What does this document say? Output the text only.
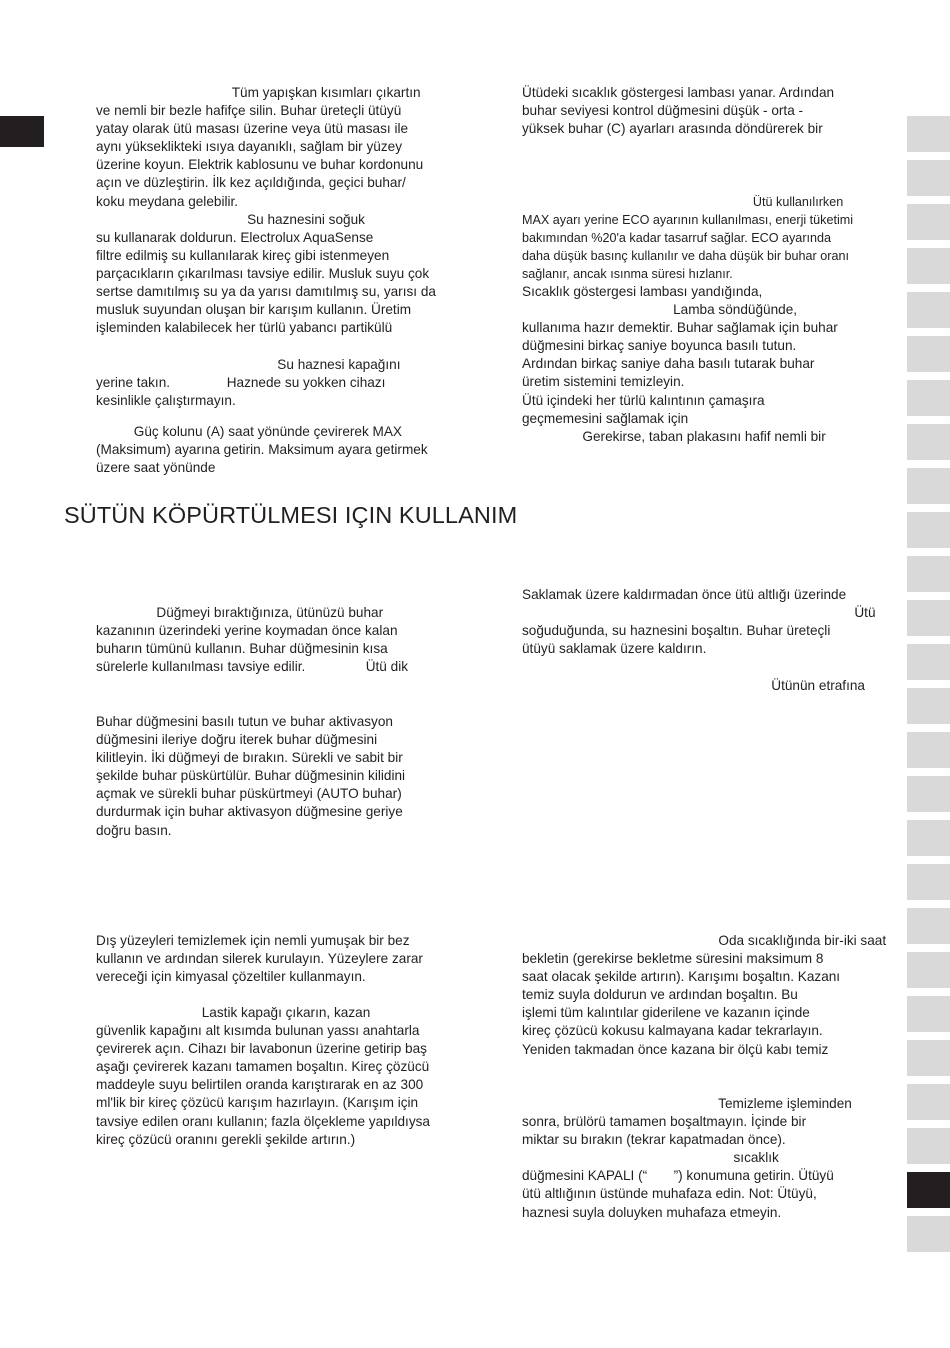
Tüm yapışkan kısımları çıkartın
ve nemli bir bezle hafifçe silin. Buhar üreteçli ütüyü
yatay olarak ütü masası üzerine veya ütü masası ile
aynı yükseklikteki ısıya dayanıklı, sağlam bir yüzey
üzerine koyun. Elektrik kablosunu ve buhar kordonunu
açın ve düzleştirin. İlk kez açıldığında, geçici buhar/
koku meydana gelebilir.
Su haznesini soğuk
su kullanarak doldurun. Electrolux AquaSense
filtre edilmiş su kullanılarak kireç gibi istenmeyen
parçacıkların çıkarılması tavsiye edilir. Musluk suyu çok
sertse damıtılmış su ya da yarısı damıtılmış su, yarısı da
musluk suyundan oluşan bir karışım kullanın. Üretim
işleminden kalabilecek her türlü yabancı partikülü

Su haznesi kapağını
yerine takın.               Haznede su yokken cihazı
kesinlikle çalıştırmayın.

Güç kolunu (A) saat yönünde çevirerek MAX
(Maksimum) ayarına getirin. Maksimum ayara getirmek
üzere saat yönünde

Ütüdeki sıcaklık göstergesi lambası yanar. Ardından
buhar seviyesi kontrol düğmesini düşük - orta -
yüksek buhar (C) ayarları arasında döndürerek bir

Ütü kullanılırken
MAX ayarı yerine ECO ayarının kullanılması, enerji tüketimi
bakımından %20'a kadar tasarruf sağlar. ECO ayarında
daha düşük basınç kullanılır ve daha düşük bir buhar oranı
sağlanır, ancak ısınma süresi hızlanır.

Sıcaklık göstergesi lambası yandığında,
Lamba söndüğünde,
kullanıma hazır demektir. Buhar sağlamak için buhar
düğmesini birkaç saniye boyunca basılı tutun.
Ardından birkaç saniye daha basılı tutarak buhar
üretim sistemini temizleyin.
Ütü içindeki her türlü kalıntının çamaşıra
geçmemesini sağlamak için
Gerekirse, taban plakasını hafif nemli bir

SÜTÜN KÖPÜRTÜLMESI IÇIN KULLANIM

Düğmeyi bıraktığınıza, ütünüzü buhar
kazanının üzerindeki yerine koymadan önce kalan
buharın tümünü kullanın. Buhar düğmesinin kısa
sürelerle kullanılması tavsiye edilir.                Ütü dik

Buhar düğmesini basılı tutun ve buhar aktivasyon
düğmesini ileriye doğru iterek buhar düğmesini
kilitleyin. İki düğmeyi de bırakın. Sürekli ve sabit bir
şekilde buhar püskürtülür. Buhar düğmesinin kilidini
açmak ve sürekli buhar püskürtmeyi (AUTO buhar)
durdurmak için buhar aktivasyon düğmesine geriye
doğru basın.

Saklamak üzere kaldırmadan önce ütü altlığı üzerinde
Ütü
soğuduğunda, su haznesini boşaltın. Buhar üreteçli
ütüyü saklamak üzere kaldırın.

Ütünün etrafına

Dış yüzeyleri temizlemek için nemli yumuşak bir bez
kullanın ve ardından silerek kurulayın. Yüzeylere zarar
vereceği için kimyasal çözeltiler kullanmayın.

Lastik kapağı çıkarın, kazan
güvenlik kapağını alt kısımda bulunan yassı anahtarla
çevirerek açın. Cihazı bir lavabonun üzerine getirip baş
aşağı çevirerek kazanı tamamen boşaltın. Kireç çözücü
maddeyle suyu belirtilen oranda karıştırarak en az 300
ml'lik bir kireç çözücü karışım hazırlayın. (Karışım için
tavsiye edilen oranı kullanın; fazla ölçekleme yapıldıysa
kireç çözücü oranını gerekli şekilde artırın.)

Oda sıcaklığında bir-iki saat
bekletin (gerekirse bekletme süresini maksimum 8
saat olacak şekilde artırın). Karışımı boşaltın. Kazanı
temiz suyla doldurun ve ardından boşaltın. Bu
işlemi tüm kalıntılar giderilene ve kazanın içinde
kireç çözücü kokusu kalmayana kadar tekrarlayın.
Yeniden takmadan önce kazana bir ölçü kabı temiz

Temizleme işleminden
sonra, brülörü tamamen boşaltmayın. İçinde bir
miktar su bırakın (tekrar kapatmadan önce).
sıcaklık
düğmesini KAPALI (“       ”) konumuna getirin. Ütüyü
ütü altlığının üstünde muhafaza edin. Not: Ütüyü,
haznesi suyla doluyken muhafaza etmeyin.
